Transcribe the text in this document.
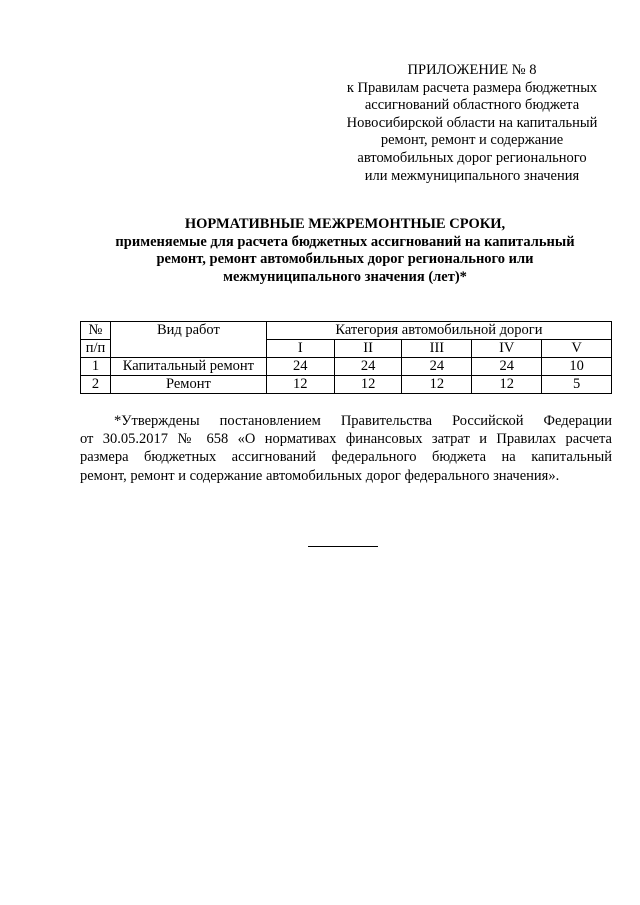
ПРИЛОЖЕНИЕ № 8
к Правилам расчета размера бюджетных
ассигнований областного бюджета
Новосибирской области на капитальный
ремонт, ремонт и содержание
автомобильных дорог регионального
или межмуниципального значения
НОРМАТИВНЫЕ МЕЖРЕМОНТНЫЕ СРОКИ,
применяемые для расчета бюджетных ассигнований на капитальный
ремонт, ремонт автомобильных дорог регионального или
межмуниципального значения (лет)*
№	Вид работ	Категория автомобильной дороги				
п/п		I	II	III	IV	V
1	Капитальный ремонт	24	24	24	24	10
2	Ремонт	12	12	12	12	5
*Утверждены постановлением Правительства Российской Федерации
от 30.05.2017 № 658 «О нормативах финансовых затрат и Правилах расчета
размера бюджетных ассигнований федерального бюджета на капитальный
ремонт, ремонт и содержание автомобильных дорог федерального значения».
